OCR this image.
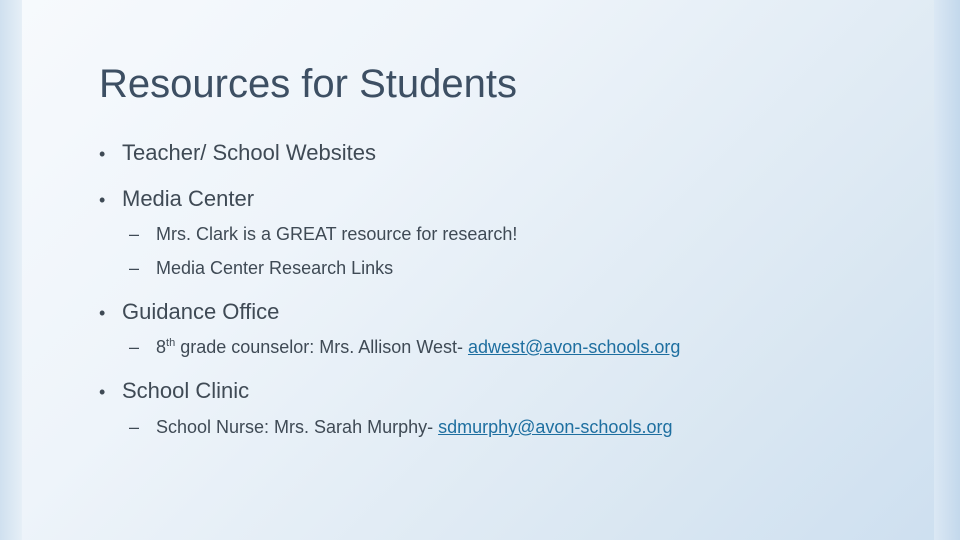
Resources for Students
• Teacher/ School Websites
• Media Center
– Mrs. Clark is a GREAT resource for research!
– Media Center Research Links
• Guidance Office
– 8th grade counselor: Mrs. Allison West- adwest@avon-schools.org
• School Clinic
– School Nurse: Mrs. Sarah Murphy- sdmurphy@avon-schools.org
